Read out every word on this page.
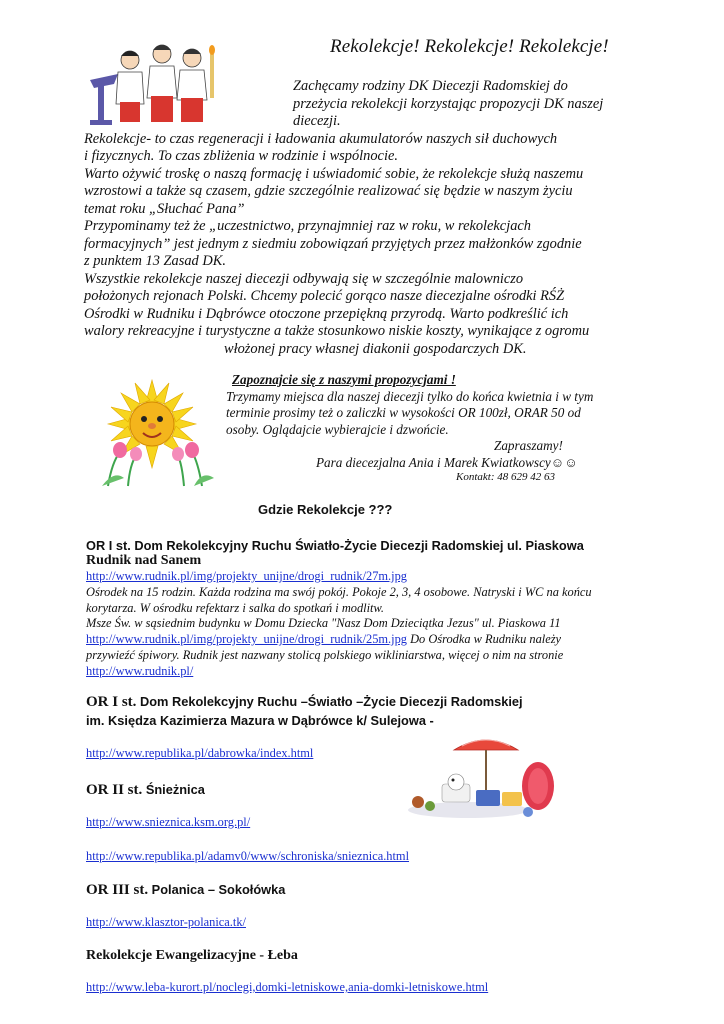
Rekolekcje! Rekolekcje! Rekolekcje!
Zachęcamy rodziny DK Diecezji Radomskiej do
przeżycia rekolekcji korzystając propozycji DK naszej
diecezji.
Rekolekcje- to czas regeneracji i ładowania akumulatorów naszych sił duchowych
i fizycznych. To czas zbliżenia w rodzinie i wspólnocie.
Warto ożywić troskę o naszą formację i uświadomić sobie, że rekolekcje służą naszemu
wzrostowi a także są czasem, gdzie szczególnie realizować się będzie w naszym życiu
temat roku „Słuchać Pana”
Przypominamy też że „uczestnictwo, przynajmniej raz w roku, w rekolekcjach
formacyjnych” jest jednym z siedmiu zobowiązań przyjętych przez małżonków zgodnie
z punktem 13 Zasad DK.
Wszystkie rekolekcje naszej diecezji odbywają się w szczególnie malowniczo
położonych rejonach Polski. Chcemy polecić gorąco nasze diecezjalne ośrodki RŚŻ
Ośrodki w Rudniku i Dąbrówce otoczone przepiękną przyrodą. Warto podkreślić ich
walory rekreacyjne i turystyczne a także stosunkowo niskie koszty, wynikające z ogromu
włożonej pracy własnej diakonii gospodarczych DK.
Zapoznajcie się z naszymi propozycjami !
Trzymamy miejsca dla naszej diecezji tylko do końca kwietnia i w tym
terminie prosimy też o zaliczki w wysokości OR 100zł, ORAR 50 od
osoby. Oglądajcie wybierajcie i dzwońcie.
Zapraszamy!
Para diecezjalna Ania i Marek Kwiatkowscy☺☺
Kontakt: 48 629 42 63
Gdzie Rekolekcje ???
OR I st. Dom Rekolekcyjny Ruchu Światło-Życie Diecezji Radomskiej ul. Piaskowa
Rudnik nad Sanem
http://www.rudnik.pl/img/projekty_unijne/drogi_rudnik/27m.jpg
Ośrodek na 15 rodzin. Każda rodzina ma swój pokój. Pokoje 2, 3, 4 osobowe. Natryski i WC na końcu
korytarza. W ośrodku refektarz i salka do spotkań i modlitw.
Msze Św. w sąsiednim budynku w Domu Dziecka "Nasz Dom Dzieciątka Jezus" ul. Piaskowa 11
http://www.rudnik.pl/img/projekty_unijne/drogi_rudnik/25m.jpg Do Ośrodka w Rudniku należy
przywieźć śpiwory. Rudnik jest nazwany stolicą polskiego wikliniarstwa, więcej o nim na stronie
http://www.rudnik.pl/
OR I st. Dom Rekolekcyjny Ruchu –Światło –Życie Diecezji Radomskiej
im. Księdza Kazimierza Mazura w Dąbrówce k/ Sulejowa -
http://www.republika.pl/dabrowka/index.html
OR II st. Śnieżnica
http://www.snieznica.ksm.org.pl/
http://www.republika.pl/adamv0/www/schroniska/snieznica.html
OR III st. Polanica – Sokołówka
http://www.klasztor-polanica.tk/
Rekolekcje Ewangelizacyjne - Łeba
http://www.leba-kurort.pl/noclegi,domki-letniskowe,ania-domki-letniskowe.html
